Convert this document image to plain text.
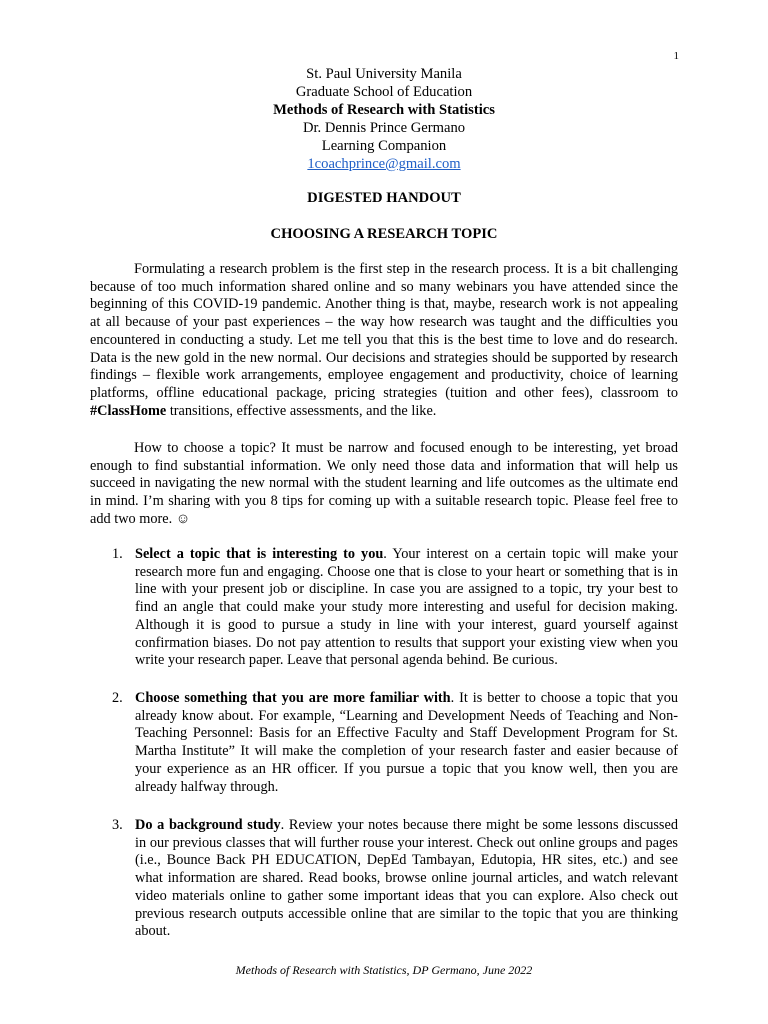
1
St. Paul University Manila
Graduate School of Education
Methods of Research with Statistics
Dr. Dennis Prince Germano
Learning Companion
1coachprince@gmail.com
DIGESTED HANDOUT
CHOOSING A RESEARCH TOPIC

Formulating a research problem is the first step in the research process. It is a bit challenging because of too much information shared online and so many webinars you have attended since the beginning of this COVID-19 pandemic. Another thing is that, maybe, research work is not appealing at all because of your past experiences – the way how research was taught and the difficulties you encountered in conducting a study. Let me tell you that this is the best time to love and do research. Data is the new gold in the new normal. Our decisions and strategies should be supported by research findings – flexible work arrangements, employee engagement and productivity, choice of learning platforms, offline educational package, pricing strategies (tuition and other fees), classroom to #ClassHome transitions, effective assessments, and the like.

How to choose a topic? It must be narrow and focused enough to be interesting, yet broad enough to find substantial information. We only need those data and information that will help us succeed in navigating the new normal with the student learning and life outcomes as the ultimate end in mind. I’m sharing with you 8 tips for coming up with a suitable research topic. Please feel free to add two more. ☺

1. Select a topic that is interesting to you. Your interest on a certain topic will make your research more fun and engaging. Choose one that is close to your heart or something that is in line with your present job or discipline. In case you are assigned to a topic, try your best to find an angle that could make your study more interesting and useful for decision making. Although it is good to pursue a study in line with your interest, guard yourself against confirmation biases. Do not pay attention to results that support your existing view when you write your research paper. Leave that personal agenda behind. Be curious.

2. Choose something that you are more familiar with. It is better to choose a topic that you already know about. For example, “Learning and Development Needs of Teaching and Non-Teaching Personnel: Basis for an Effective Faculty and Staff Development Program for St. Martha Institute” It will make the completion of your research faster and easier because of your experience as an HR officer. If you pursue a topic that you know well, then you are already halfway through.

3. Do a background study. Review your notes because there might be some lessons discussed in our previous classes that will further rouse your interest. Check out online groups and pages (i.e., Bounce Back PH EDUCATION, DepEd Tambayan, Edutopia, HR sites, etc.) and see what information are shared. Read books, browse online journal articles, and watch relevant video materials online to gather some important ideas that you can explore. Also check out previous research outputs accessible online that are similar to the topic that you are thinking about.

Methods of Research with Statistics, DP Germano, June 2022
